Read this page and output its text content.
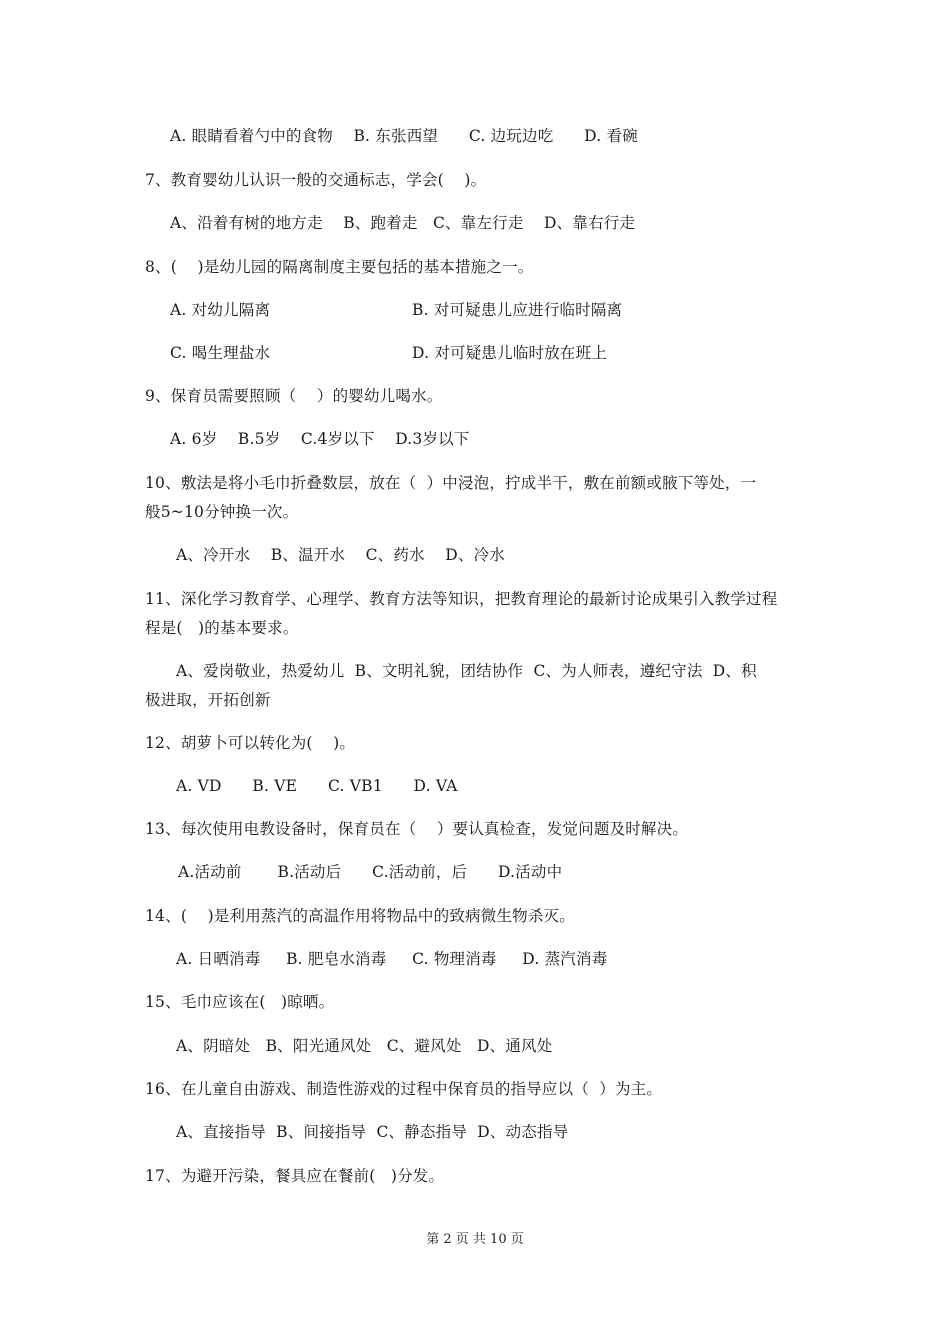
A. 眼睛看着勺中的食物    B. 东张西望      C. 边玩边吃      D. 看碗
7、教育婴幼儿认识一般的交通标志，学会(    )。
A、沿着有树的地方走    B、跑着走   C、靠左行走    D、靠右行走
8、(    )是幼儿园的隔离制度主要包括的基本措施之一。
A. 对幼儿隔离	B. 对可疑患儿应进行临时隔离
C. 喝生理盐水	D. 对可疑患儿临时放在班上
9、保育员需要照顾（    ）的婴幼儿喝水。
A. 6岁    B.5岁    C.4岁以下    D.3岁以下
10、敷法是将小毛巾折叠数层，放在（  ）中浸泡，拧成半干，敷在前额或腋下等处，一
般5~10分钟换一次。
A、冷开水    B、温开水    C、药水    D、冷水
11、深化学习教育学、心理学、教育方法等知识，把教育理论的最新讨论成果引入教学过程
程是(   )的基本要求。
A、爱岗敬业，热爱幼儿  B、文明礼貌，团结协作  C、为人师表，遵纪守法  D、积
极进取，开拓创新
12、胡萝卜可以转化为(    )。
A. VD      B. VE      C. VB1      D. VA
13、每次使用电教设备时，保育员在（    ）要认真检查，发觉问题及时解决。
A.活动前       B.活动后      C.活动前，后      D.活动中
14、(    )是利用蒸汽的高温作用将物品中的致病微生物杀灭。
A. 日晒消毒     B. 肥皂水消毒     C. 物理消毒     D. 蒸汽消毒
15、毛巾应该在(   )晾晒。
A、阴暗处   B、阳光通风处   C、避风处   D、通风处
16、在儿童自由游戏、制造性游戏的过程中保育员的指导应以（  ）为主。
A、直接指导  B、间接指导  C、静态指导  D、动态指导
17、为避开污染，餐具应在餐前(   )分发。
第 2 页 共 10 页
